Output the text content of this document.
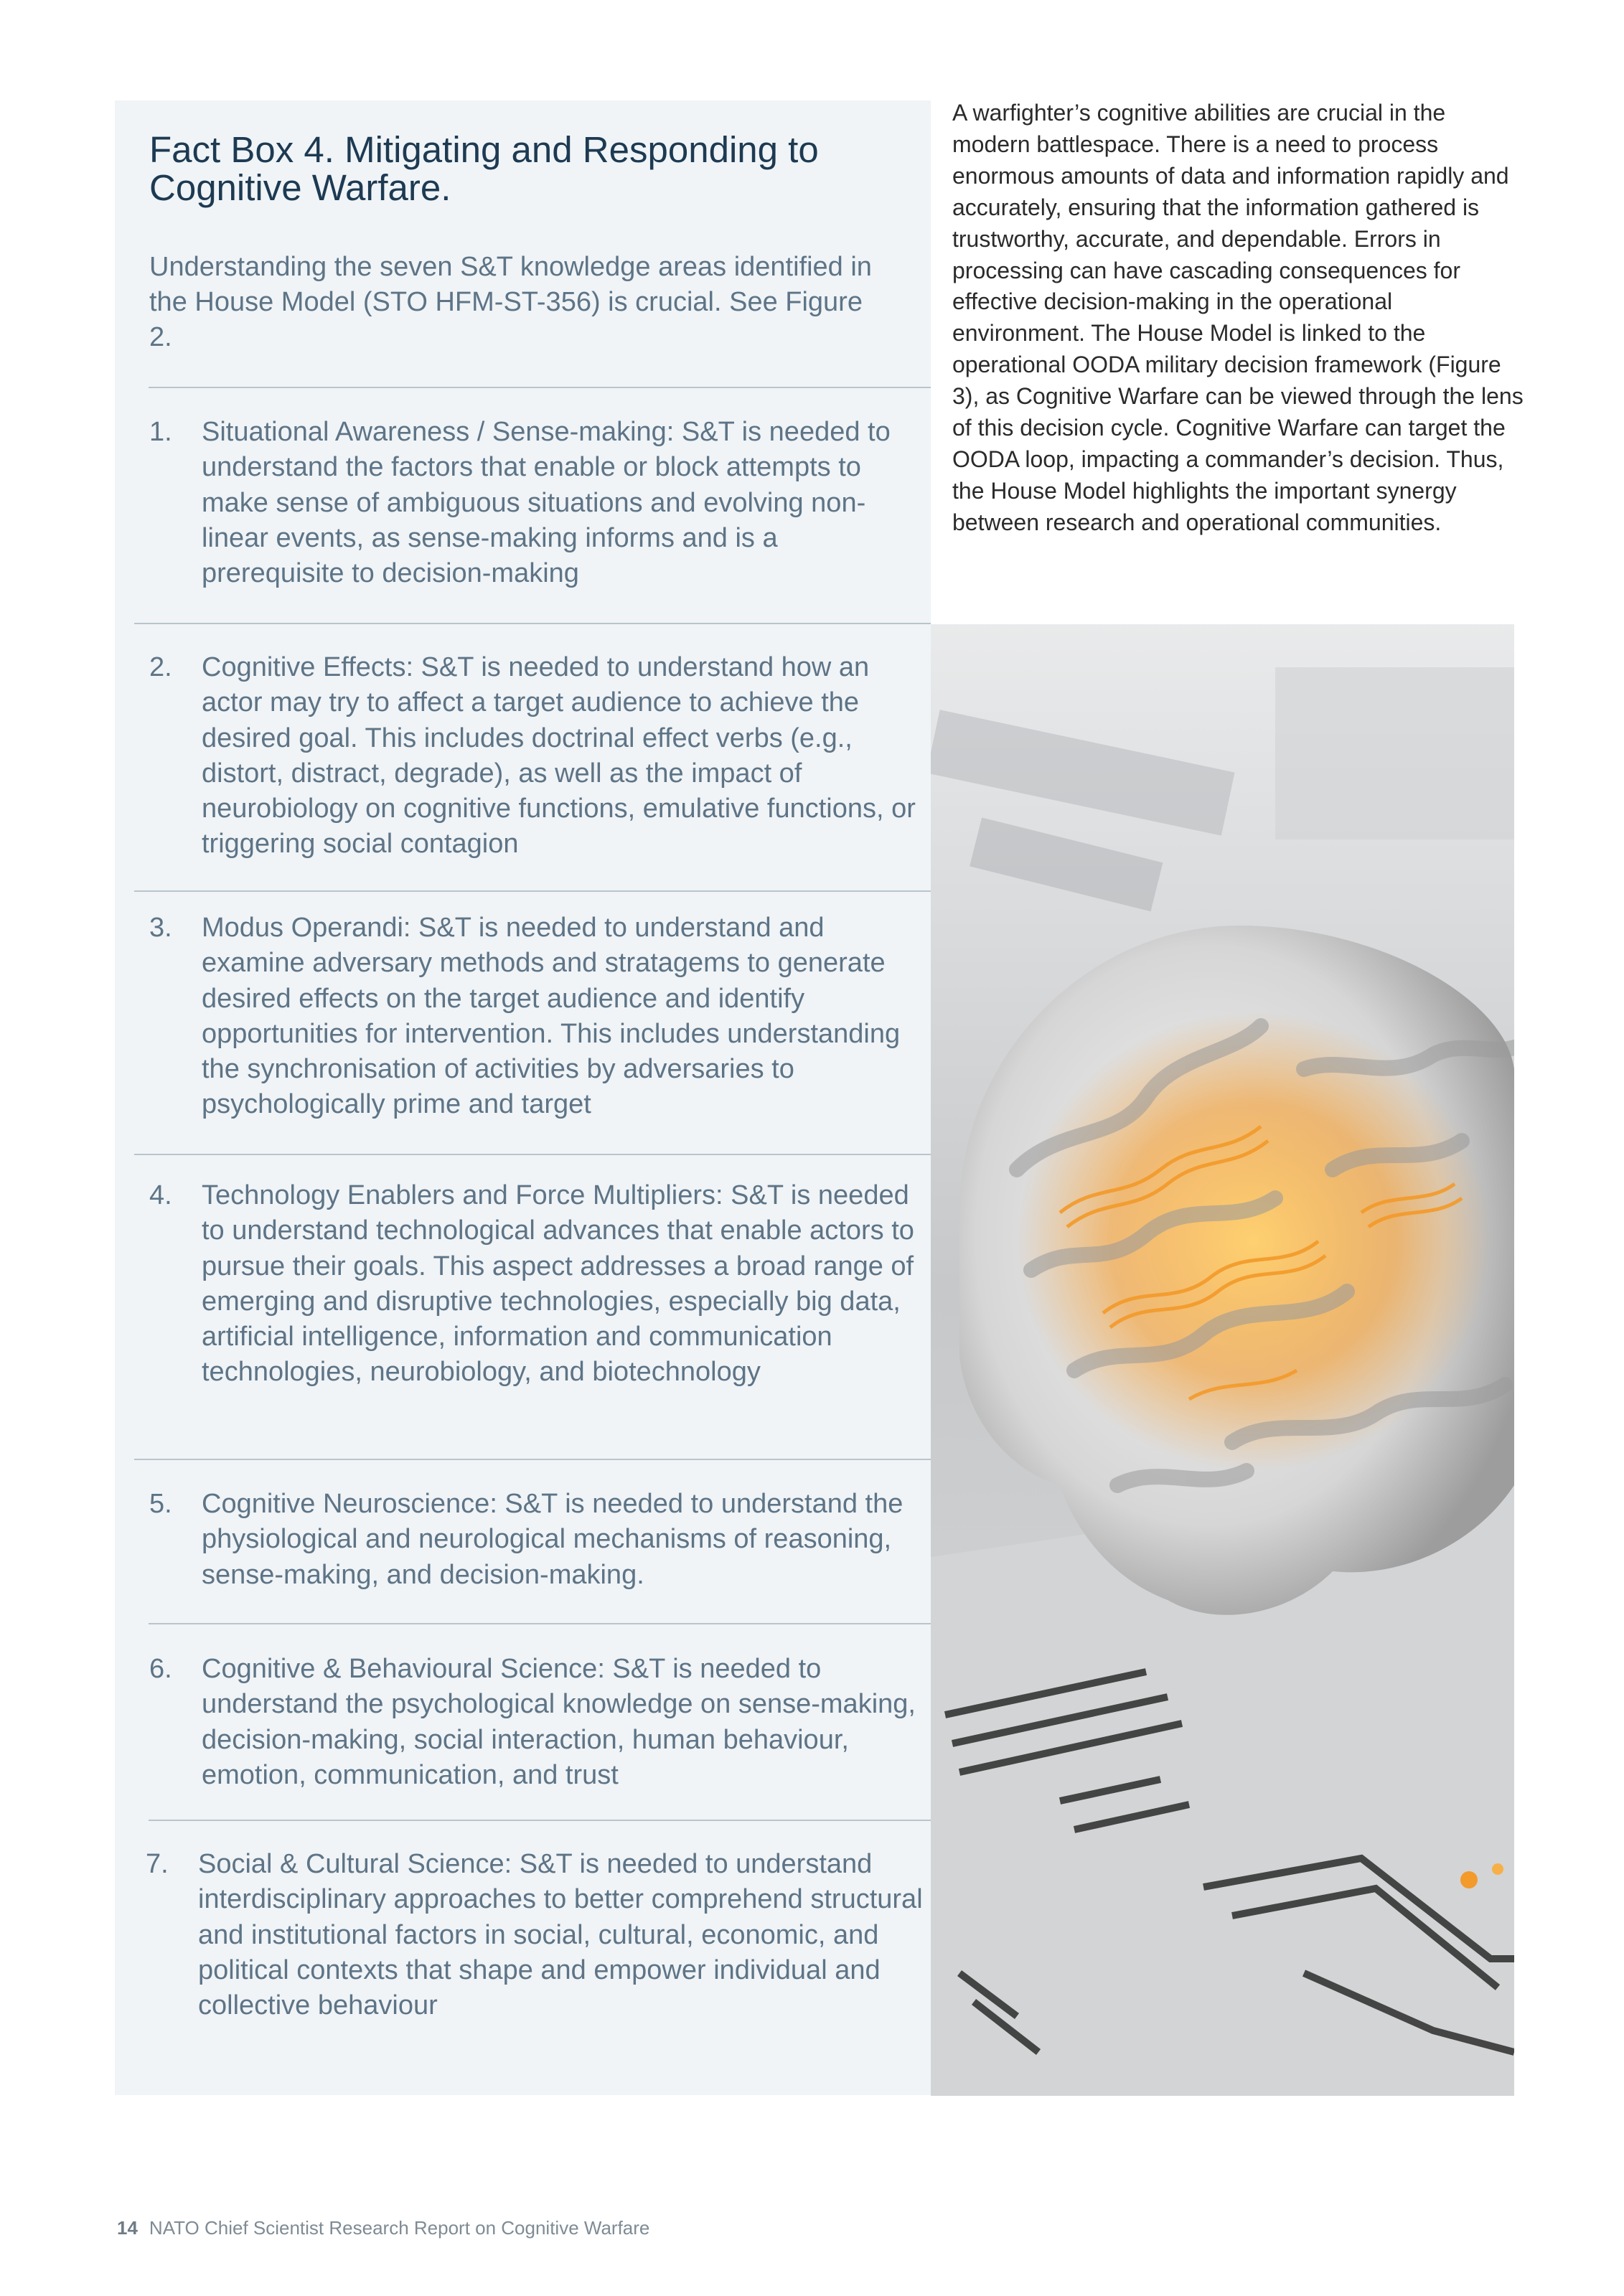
Fact Box 4. Mitigating and Responding to Cognitive Warfare.

Understanding the seven S&T knowledge areas identified in the House Model (STO HFM-ST-356) is crucial. See Figure 2.

1. Situational Awareness / Sense-making: S&T is needed to understand the factors that enable or block attempts to make sense of ambiguous situations and evolving non-linear events, as sense-making informs and is a prerequisite to decision-making
2. Cognitive Effects: S&T is needed to understand how an actor may try to affect a target audience to achieve the desired goal. This includes doctrinal effect verbs (e.g., distort, distract, degrade), as well as the impact of neurobiology on cognitive functions, emulative functions, or triggering social contagion
3. Modus Operandi: S&T is needed to understand and examine adversary methods and stratagems to generate desired effects on the target audience and identify opportunities for intervention. This includes understanding the synchronisation of activities by adversaries to psychologically prime and target
4. Technology Enablers and Force Multipliers: S&T is needed to understand technological advances that enable actors to pursue their goals. This aspect addresses a broad range of emerging and disruptive technologies, especially big data, artificial intelligence, information and communication technologies, neurobiology, and biotechnology
5. Cognitive Neuroscience: S&T is needed to understand the physiological and neurological mechanisms of reasoning, sense-making, and decision-making.
6. Cognitive & Behavioural Science: S&T is needed to understand the psychological knowledge on sense-making, decision-making, social interaction, human behaviour, emotion, communication, and trust
7. Social & Cultural Science: S&T is needed to understand interdisciplinary approaches to better comprehend structural and institutional factors in social, cultural, economic, and political contexts that shape and empower individual and collective behaviour

A warfighter’s cognitive abilities are crucial in the modern battlespace. There is a need to process enormous amounts of data and information rapidly and accurately, ensuring that the information gathered is trustworthy, accurate, and dependable. Errors in processing can have cascading consequences for effective decision-making in the operational environment. The House Model is linked to the operational OODA military decision framework (Figure 3), as Cognitive Warfare can be viewed through the lens of this decision cycle. Cognitive Warfare can target the OODA loop, impacting a commander’s decision. Thus, the House Model highlights the important synergy between research and operational communities.

14 NATO Chief Scientist Research Report on Cognitive Warfare
